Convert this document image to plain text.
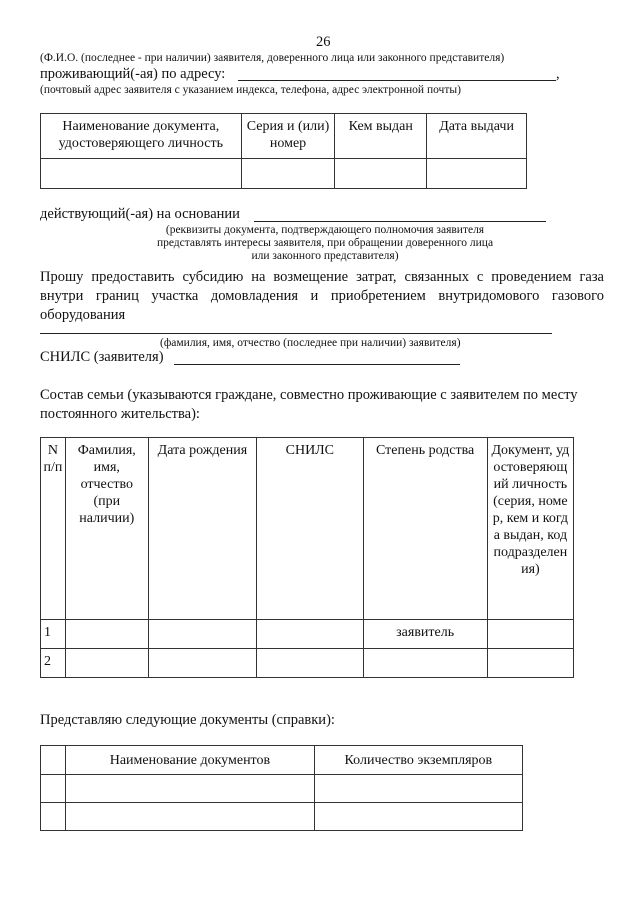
26
(Ф.И.О. (последнее - при наличии) заявителя, доверенного лица или законного представителя)
проживающий(-ая) по адресу:	,
(почтовый адрес заявителя с указанием индекса, телефона, адрес электронной почты)
Наименование документа, удостоверяющего личность	Серия и (или) номер	Кем выдан	Дата выдачи

действующий(-ая) на основании
(реквизиты документа, подтверждающего полномочия заявителя
представлять интересы заявителя, при обращении доверенного лица
или законного представителя)
Прошу предоставить субсидию на возмещение затрат, связанных с проведением газа внутри границ участка домовладения и приобретением внутридомового газового оборудования
(фамилия, имя, отчество (последнее при наличии) заявителя)
СНИЛС (заявителя)
Состав семьи (указываются граждане, совместно проживающие с заявителем по месту постоянного жительства):
N п/п	Фамилия, имя, отчество (при наличии)	Дата рождения	СНИЛС	Степень родства	Документ, удостоверяющий личность (серия, номер, кем и когда выдан, код подразделения)
1				заявитель	
2					
Представляю следующие документы (справки):
	Наименование документов	Количество экземпляров
